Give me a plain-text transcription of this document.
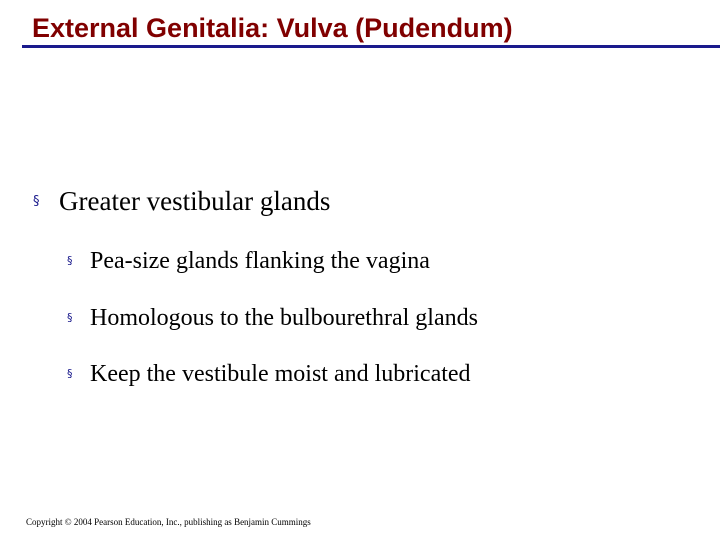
External Genitalia: Vulva (Pudendum)
§ Greater vestibular glands
§ Pea-size glands flanking the vagina
§ Homologous to the bulbourethral glands
§ Keep the vestibule moist and lubricated
Copyright © 2004 Pearson Education, Inc., publishing as Benjamin Cummings
